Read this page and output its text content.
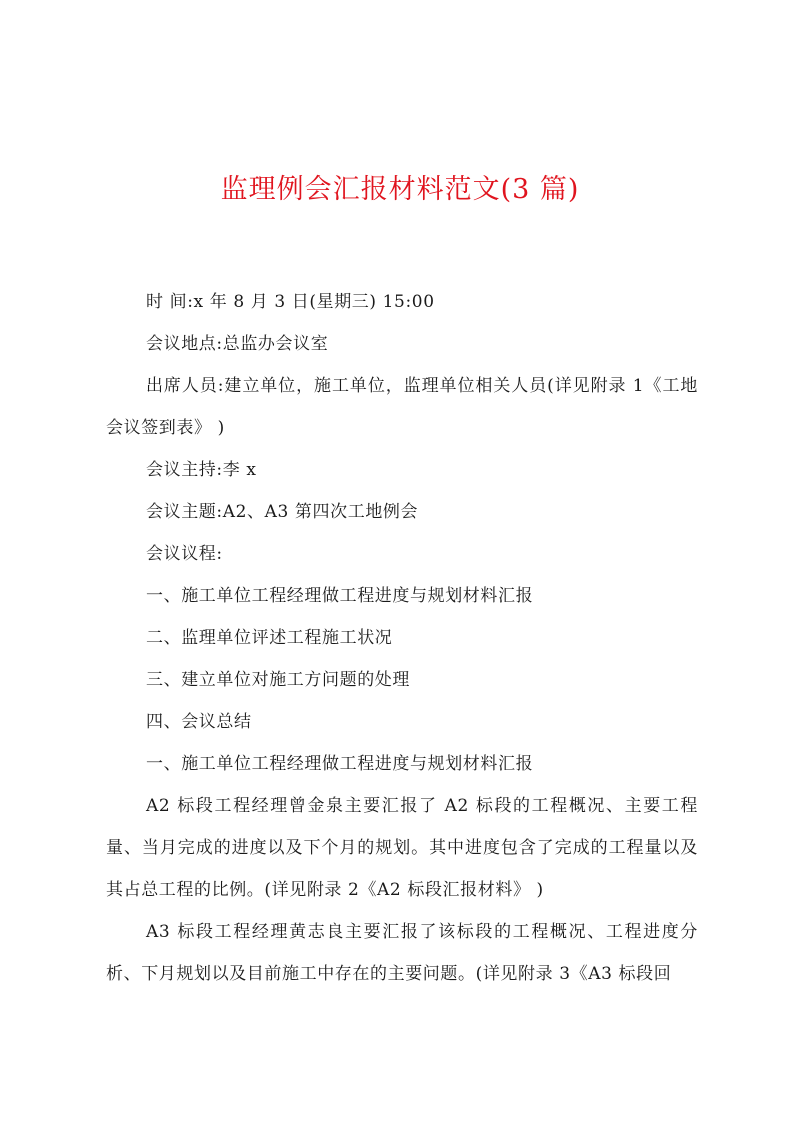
监理例会汇报材料范文(3 篇)

时 间:x 年 8 月 3 日(星期三) 15:00

会议地点:总监办会议室

出席人员:建立单位，施工单位，监理单位相关人员(详见附录 1《工地会议签到表》 )

会议主持:李 x

会议主题:A2、A3 第四次工地例会

会议议程:

一、施工单位工程经理做工程进度与规划材料汇报

二、监理单位评述工程施工状况

三、建立单位对施工方问题的处理

四、会议总结

一、施工单位工程经理做工程进度与规划材料汇报

A2 标段工程经理曾金泉主要汇报了 A2 标段的工程概况、主要工程量、当月完成的进度以及下个月的规划。其中进度包含了完成的工程量以及其占总工程的比例。(详见附录 2《A2 标段汇报材料》 )

A3 标段工程经理黄志良主要汇报了该标段的工程概况、工程进度分析、下月规划以及目前施工中存在的主要问题。(详见附录 3《A3 标段回
